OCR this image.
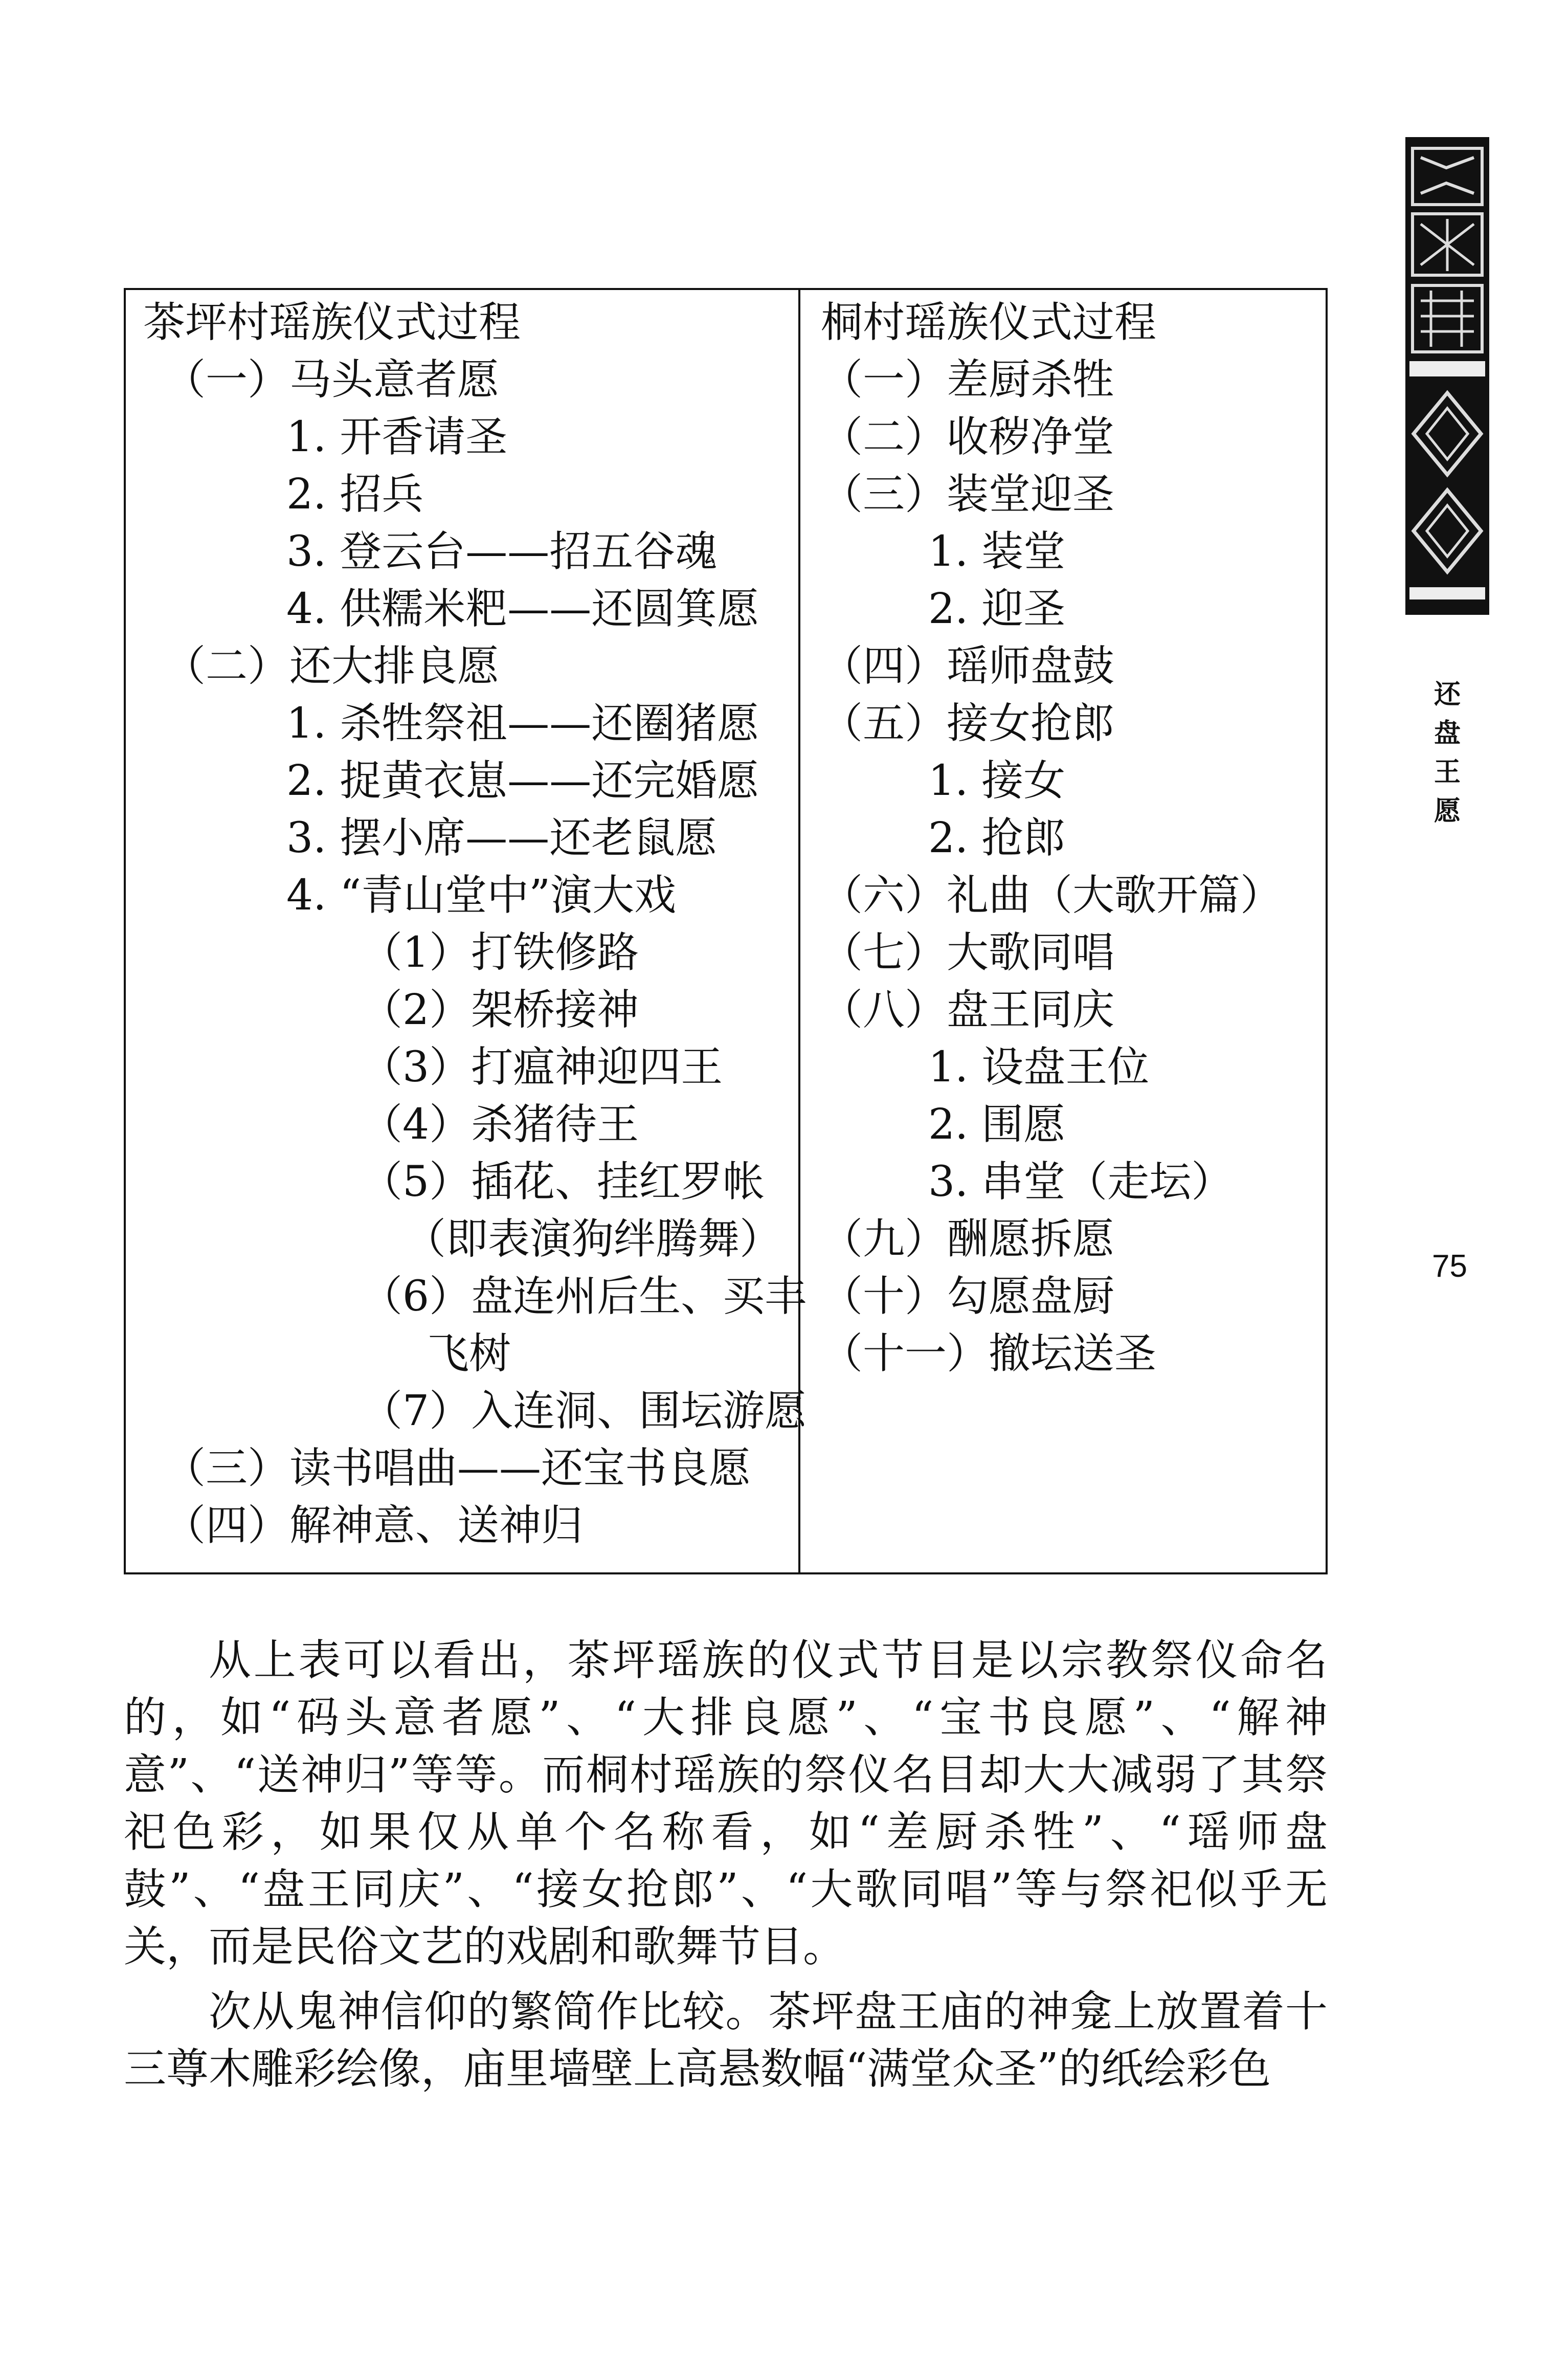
还盘王愿
75
茶坪村瑶族仪式过程
（一）马头意者愿
1. 开香请圣
2. 招兵
3. 登云台——招五谷魂
4. 供糯米粑——还圆箕愿
（二）还大排良愿
1. 杀牲祭祖——还圈猪愿
2. 捉黄衣崽——还完婚愿
3. 摆小席——还老鼠愿
4. “青山堂中”演大戏
（1）打铁修路
（2）架桥接神
（3）打瘟神迎四王
（4）杀猪待王
（5）插花、挂红罗帐
（即表演狗绊腾舞）
（6）盘连州后生、买丰
飞树
（7）入连洞、围坛游愿
（三）读书唱曲——还宝书良愿
（四）解神意、送神归
桐村瑶族仪式过程
（一）差厨杀牲
（二）收秽净堂
（三）装堂迎圣
1. 装堂
2. 迎圣
（四）瑶师盘鼓
（五）接女抢郎
1. 接女
2. 抢郎
（六）礼曲（大歌开篇）
（七）大歌同唱
（八）盘王同庆
1. 设盘王位
2. 围愿
3. 串堂（走坛）
（九）酬愿拆愿
（十）勾愿盘厨
（十一）撤坛送圣

从上表可以看出，茶坪瑶族的仪式节目是以宗教祭仪命名的，如“码头意者愿”、“大排良愿”、“宝书良愿”、“解神意”、“送神归”等等。而桐村瑶族的祭仪名目却大大减弱了其祭祀色彩，如果仅从单个名称看，如“差厨杀牲”、“瑶师盘鼓”、“盘王同庆”、“接女抢郎”、“大歌同唱”等与祭祀似乎无关，而是民俗文艺的戏剧和歌舞节目。

次从鬼神信仰的繁简作比较。茶坪盘王庙的神龛上放置着十三尊木雕彩绘像，庙里墙壁上高悬数幅“满堂众圣”的纸绘彩色
